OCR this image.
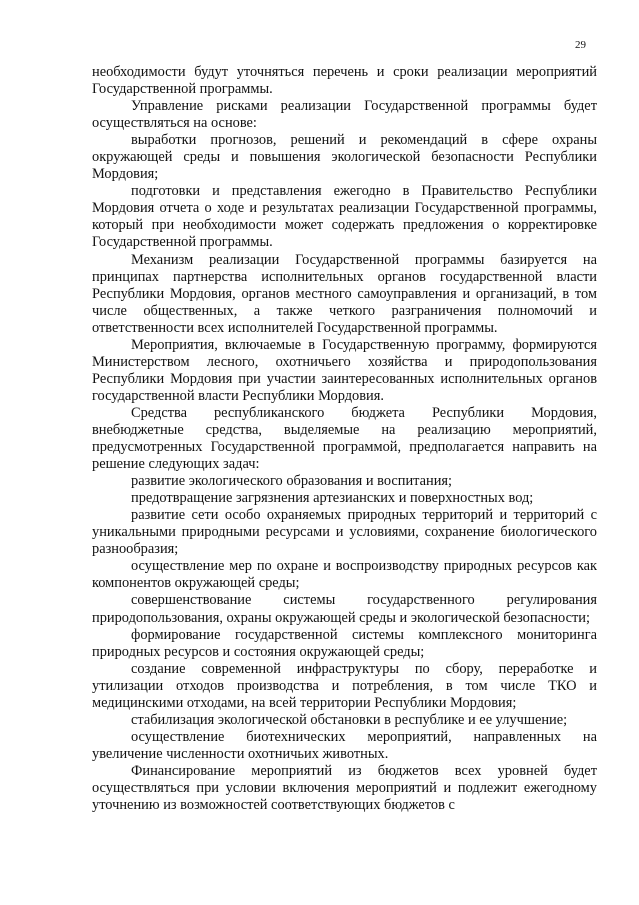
29

необходимости будут уточняться перечень и сроки реализации мероприятий Государственной программы.

Управление рисками реализации Государственной программы будет осуществляться на основе:

выработки прогнозов, решений и рекомендаций в сфере охраны окружающей среды и повышения экологической безопасности Республики Мордовия;

подготовки и представления ежегодно в Правительство Республики Мордовия отчета о ходе и результатах реализации Государственной программы, который при необходимости может содержать предложения о корректировке Государственной программы.

Механизм реализации Государственной программы базируется на принципах партнерства исполнительных органов государственной власти Республики Мордовия, органов местного самоуправления и организаций, в том числе общественных, а также четкого разграничения полномочий и ответственности всех исполнителей Государственной программы.

Мероприятия, включаемые в Государственную программу, формируются Министерством лесного, охотничьего хозяйства и природопользования Республики Мордовия при участии заинтересованных исполнительных органов государственной власти Республики Мордовия.

Средства республиканского бюджета Республики Мордовия, внебюджетные средства, выделяемые на реализацию мероприятий, предусмотренных Государственной программой, предполагается направить на решение следующих задач:

развитие экологического образования и воспитания;

предотвращение загрязнения артезианских и поверхностных вод;

развитие сети особо охраняемых природных территорий и территорий с уникальными природными ресурсами и условиями, сохранение биологического разнообразия;

осуществление мер по охране и воспроизводству природных ресурсов как компонентов окружающей среды;

совершенствование системы государственного регулирования природопользования, охраны окружающей среды и экологической безопасности;

формирование государственной системы комплексного мониторинга природных ресурсов и состояния окружающей среды;

создание современной инфраструктуры по сбору, переработке и утилизации отходов производства и потребления, в том числе ТКО и медицинскими отходами, на всей территории Республики Мордовия;

стабилизация экологической обстановки в республике и ее улучшение;

осуществление биотехнических мероприятий, направленных на увеличение численности охотничьих животных.

Финансирование мероприятий из бюджетов всех уровней будет осуществляться при условии включения мероприятий и подлежит ежегодному уточнению из возможностей соответствующих бюджетов с
